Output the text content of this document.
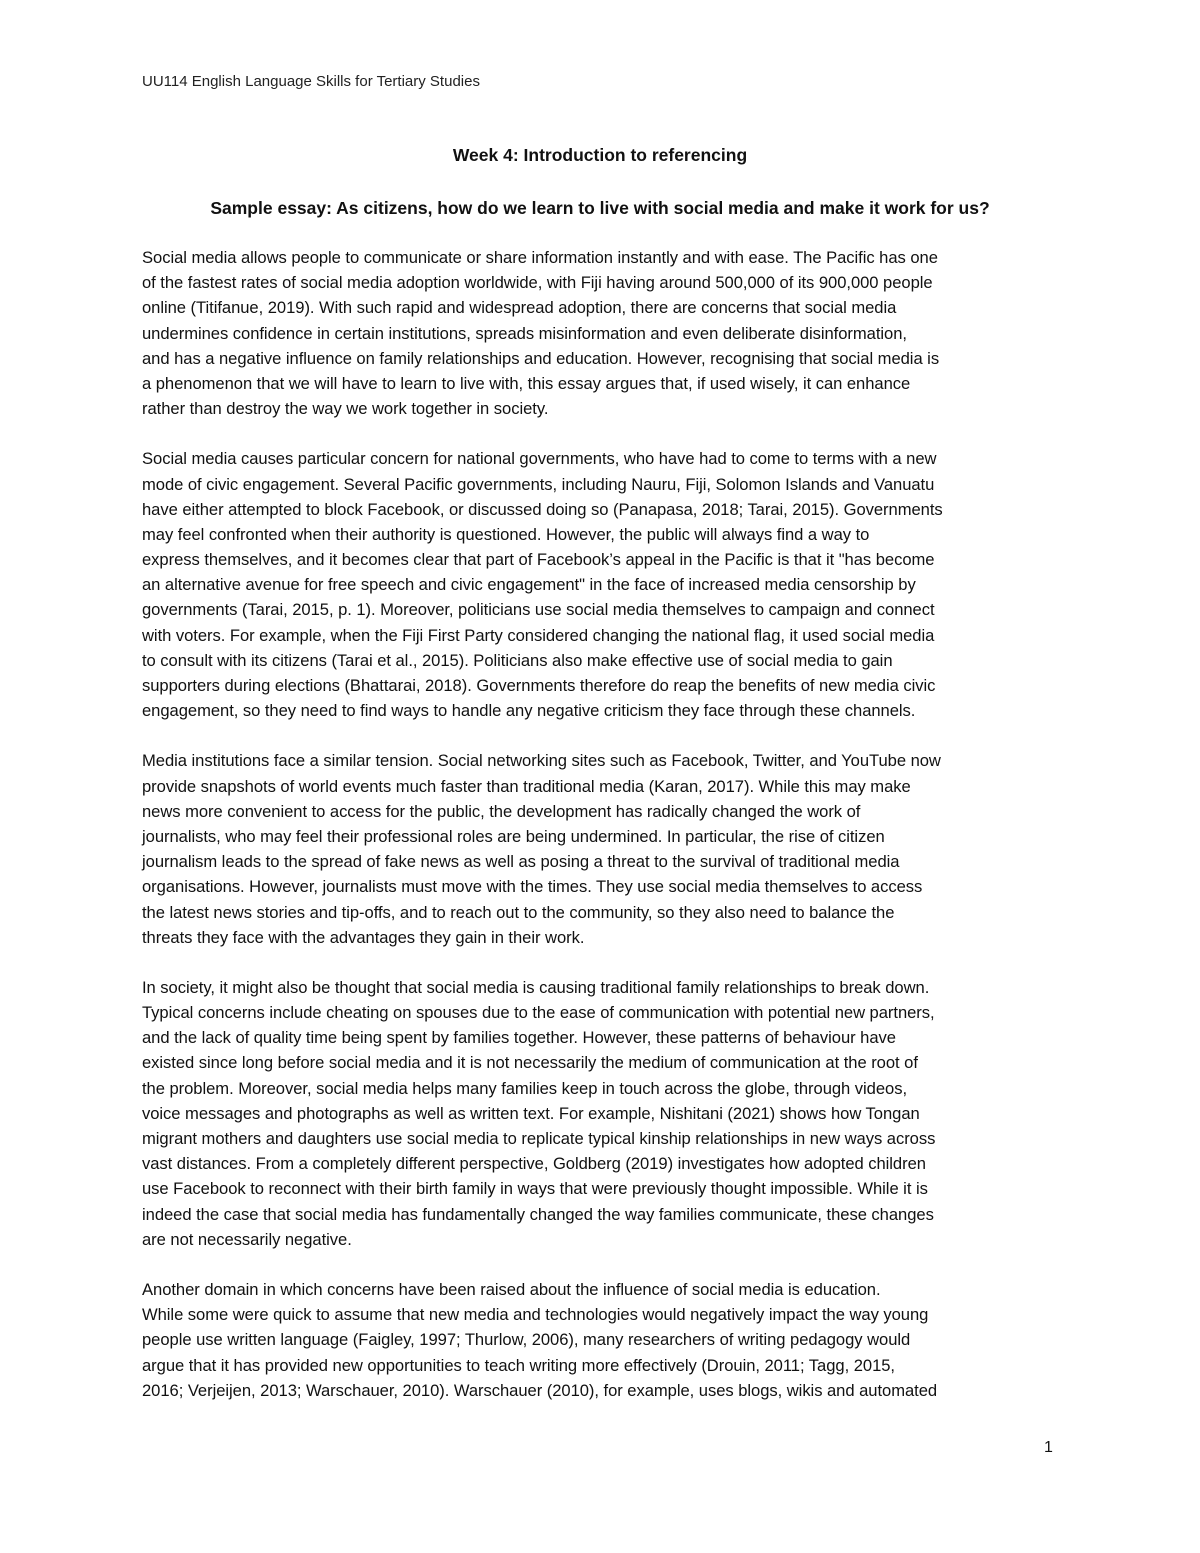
UU114 English Language Skills for Tertiary Studies
Week 4: Introduction to referencing
Sample essay: As citizens, how do we learn to live with social media and make it work for us?
Social media allows people to communicate or share information instantly and with ease. The Pacific has one
of the fastest rates of social media adoption worldwide, with Fiji having around 500,000 of its 900,000 people
online (Titifanue, 2019). With such rapid and widespread adoption, there are concerns that social media
undermines confidence in certain institutions, spreads misinformation and even deliberate disinformation,
and has a negative influence on family relationships and education. However, recognising that social media is
a phenomenon that we will have to learn to live with, this essay argues that, if used wisely, it can enhance
rather than destroy the way we work together in society.
Social media causes particular concern for national governments, who have had to come to terms with a new
mode of civic engagement. Several Pacific governments, including Nauru, Fiji, Solomon Islands and Vanuatu
have either attempted to block Facebook, or discussed doing so (Panapasa, 2018; Tarai, 2015). Governments
may feel confronted when their authority is questioned. However, the public will always find a way to
express themselves, and it becomes clear that part of Facebook’s appeal in the Pacific is that it "has become
an alternative avenue for free speech and civic engagement" in the face of increased media censorship by
governments (Tarai, 2015, p. 1). Moreover, politicians use social media themselves to campaign and connect
with voters. For example, when the Fiji First Party considered changing the national flag, it used social media
to consult with its citizens (Tarai et al., 2015). Politicians also make effective use of social media to gain
supporters during elections (Bhattarai, 2018). Governments therefore do reap the benefits of new media civic
engagement, so they need to find ways to handle any negative criticism they face through these channels.
Media institutions face a similar tension. Social networking sites such as Facebook, Twitter, and YouTube now
provide snapshots of world events much faster than traditional media (Karan, 2017). While this may make
news more convenient to access for the public, the development has radically changed the work of
journalists, who may feel their professional roles are being undermined. In particular, the rise of citizen
journalism leads to the spread of fake news as well as posing a threat to the survival of traditional media
organisations. However, journalists must move with the times. They use social media themselves to access
the latest news stories and tip-offs, and to reach out to the community, so they also need to balance the
threats they face with the advantages they gain in their work.
In society, it might also be thought that social media is causing traditional family relationships to break down.
Typical concerns include cheating on spouses due to the ease of communication with potential new partners,
and the lack of quality time being spent by families together. However, these patterns of behaviour have
existed since long before social media and it is not necessarily the medium of communication at the root of
the problem. Moreover, social media helps many families keep in touch across the globe, through videos,
voice messages and photographs as well as written text. For example, Nishitani (2021) shows how Tongan
migrant mothers and daughters use social media to replicate typical kinship relationships in new ways across
vast distances. From a completely different perspective, Goldberg (2019) investigates how adopted children
use Facebook to reconnect with their birth family in ways that were previously thought impossible. While it is
indeed the case that social media has fundamentally changed the way families communicate, these changes
are not necessarily negative.
Another domain in which concerns have been raised about the influence of social media is education.
While some were quick to assume that new media and technologies would negatively impact the way young
people use written language (Faigley, 1997; Thurlow, 2006), many researchers of writing pedagogy would
argue that it has provided new opportunities to teach writing more effectively (Drouin, 2011; Tagg, 2015,
2016; Verjeijen, 2013; Warschauer, 2010). Warschauer (2010), for example, uses blogs, wikis and automated
1
